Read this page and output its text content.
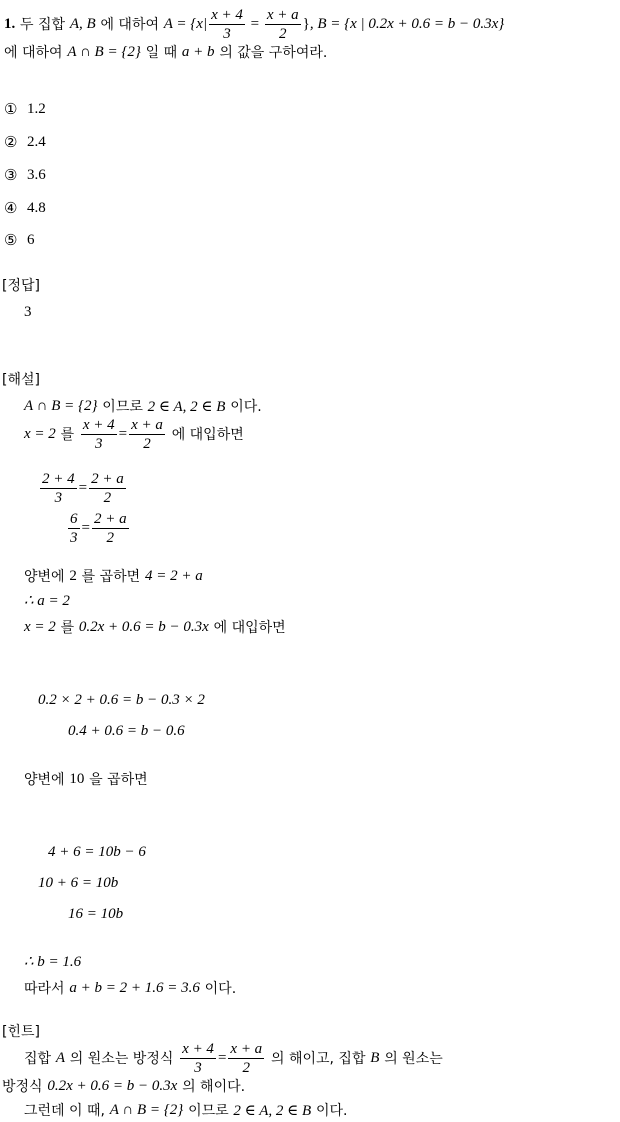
1.
두 집합
A, B
에 대하여
$A = \{x| \frac{x + 4}{3} = \frac{x + a}{2}$ } , B = {x | 0.2x + 0.6 = b − 0.3x}
에 대하여
A ∩ B = {2}
일 때
a + b
의 값을 구하여라.
①
1.2
②
2.4
③
3.6
④
4.8
⑤
6
[정답]
3
[해설]
A ∩ B = {2}
이므로
2 ∈ A, 2 ∈ B
이다.
x = 2
를
$\frac{x + 4}{3} = \frac{x + a}{2}$
에 대입하면
$\frac{2 + 4}{3} = \frac{2 + a}{2}$
$\frac{6}{3} = \frac{2 + a}{2}$
양변에
2
를 곱하면
4 = 2 + a
∴ a = 2
x = 2
를
0.2x + 0.6 = b − 0.3x
에 대입하면
0.2 × 2 + 0.6 = b − 0.3 × 2
0.4 + 0.6 = b − 0.6
양변에
10
을 곱하면
4 + 6 = 10b − 6
10 + 6 = 10b
16 = 10b
∴ b = 1.6
따라서
a + b = 2 + 1.6 = 3.6
이다.
[힌트]
집합
A
의 원소는 방정식
$\frac{x + 4}{3} = \frac{x + a}{2}$
의 해이고, 집합
B
의 원소는
방정식
0.2x + 0.6 = b − 0.3x
의 해이다.
그런데 이 때,
A ∩ B = {2}
이므로
2 ∈ A, 2 ∈ B
이다.
